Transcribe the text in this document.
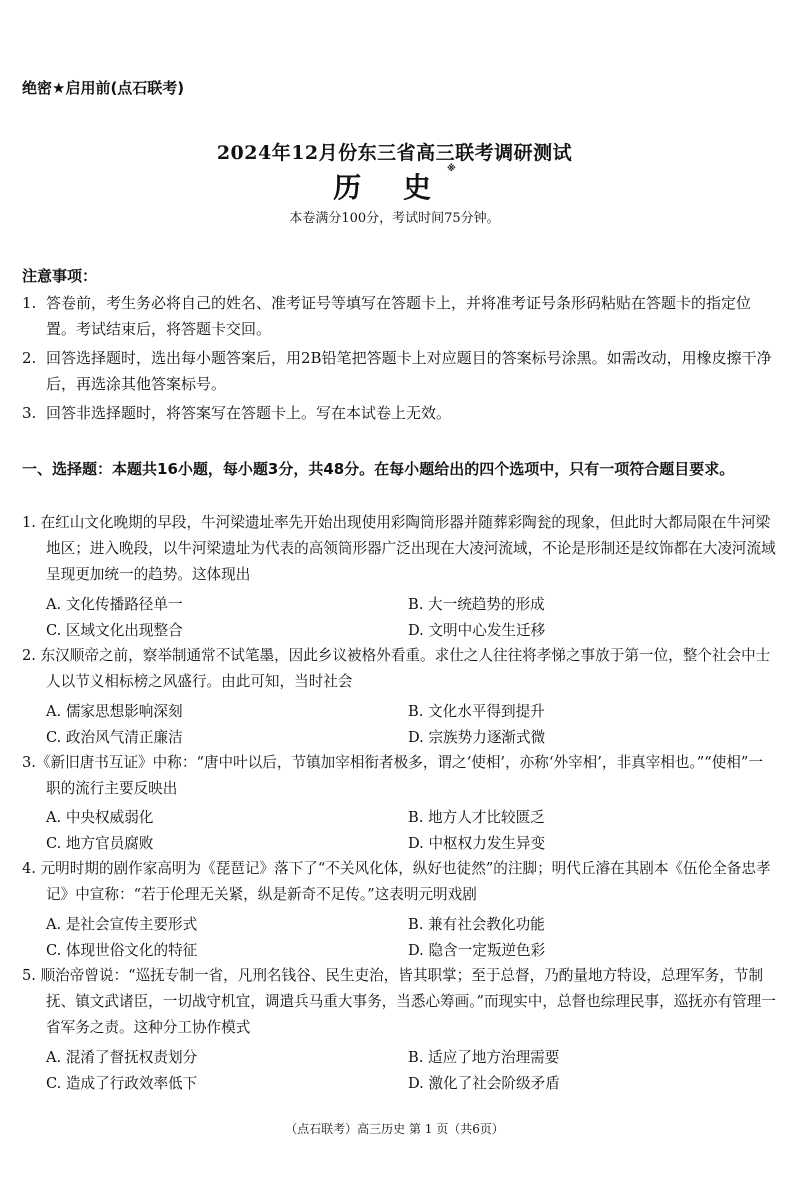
绝密★启用前(点石联考)
2024年12月份东三省高三联考调研测试
历 史※
本卷满分100分，考试时间75分钟。
注意事项：
1. 答卷前，考生务必将自己的姓名、准考证号等填写在答题卡上，并将准考证号条形码粘贴在答题卡的指定位置。考试结束后，将答题卡交回。
2. 回答选择题时，选出每小题答案后，用2B铅笔把答题卡上对应题目的答案标号涂黑。如需改动，用橡皮擦干净后，再选涂其他答案标号。
3. 回答非选择题时，将答案写在答题卡上。写在本试卷上无效。
一、选择题：本题共16小题，每小题3分，共48分。在每小题给出的四个选项中，只有一项符合题目要求。
1. 在红山文化晚期的早段，牛河梁遗址率先开始出现使用彩陶筒形器并随葬彩陶瓮的现象，但此时大都局限在牛河梁地区；进入晚段，以牛河梁遗址为代表的高领筒形器广泛出现在大凌河流域，不论是形制还是纹饰都在大凌河流域呈现更加统一的趋势。这体现出
A. 文化传播路径单一	B. 大一统趋势的形成
C. 区域文化出现整合	D. 文明中心发生迁移
2. 东汉顺帝之前，察举制通常不试笔墨，因此乡议被格外看重。求仕之人往往将孝悌之事放于第一位，整个社会中士人以节义相标榜之风盛行。由此可知，当时社会
A. 儒家思想影响深刻	B. 文化水平得到提升
C. 政治风气清正廉洁	D. 宗族势力逐渐式微
3.《新旧唐书互证》中称：“唐中叶以后，节镇加宰相衔者极多，谓之‘使相’，亦称‘外宰相’，非真宰相也。”“使相”一职的流行主要反映出
A. 中央权威弱化	B. 地方人才比较匮乏
C. 地方官员腐败	D. 中枢权力发生异变
4. 元明时期的剧作家高明为《琵琶记》落下了“不关风化体，纵好也徒然”的注脚；明代丘濬在其剧本《伍伦全备忠孝记》中宣称：“若于伦理无关紧，纵是新奇不足传。”这表明元明戏剧
A. 是社会宣传主要形式	B. 兼有社会教化功能
C. 体现世俗文化的特征	D. 隐含一定叛逆色彩
5. 顺治帝曾说：“巡抚专制一省，凡刑名钱谷、民生吏治，皆其职掌；至于总督，乃酌量地方特设，总理军务，节制抚、镇文武诸臣，一切战守机宜，调遣兵马重大事务，当悉心筹画。”而现实中，总督也综理民事，巡抚亦有管理一省军务之责。这种分工协作模式
A. 混淆了督抚权责划分	B. 适应了地方治理需要
C. 造成了行政效率低下	D. 激化了社会阶级矛盾
（点石联考）高三历史 第 1 页（共6页）
